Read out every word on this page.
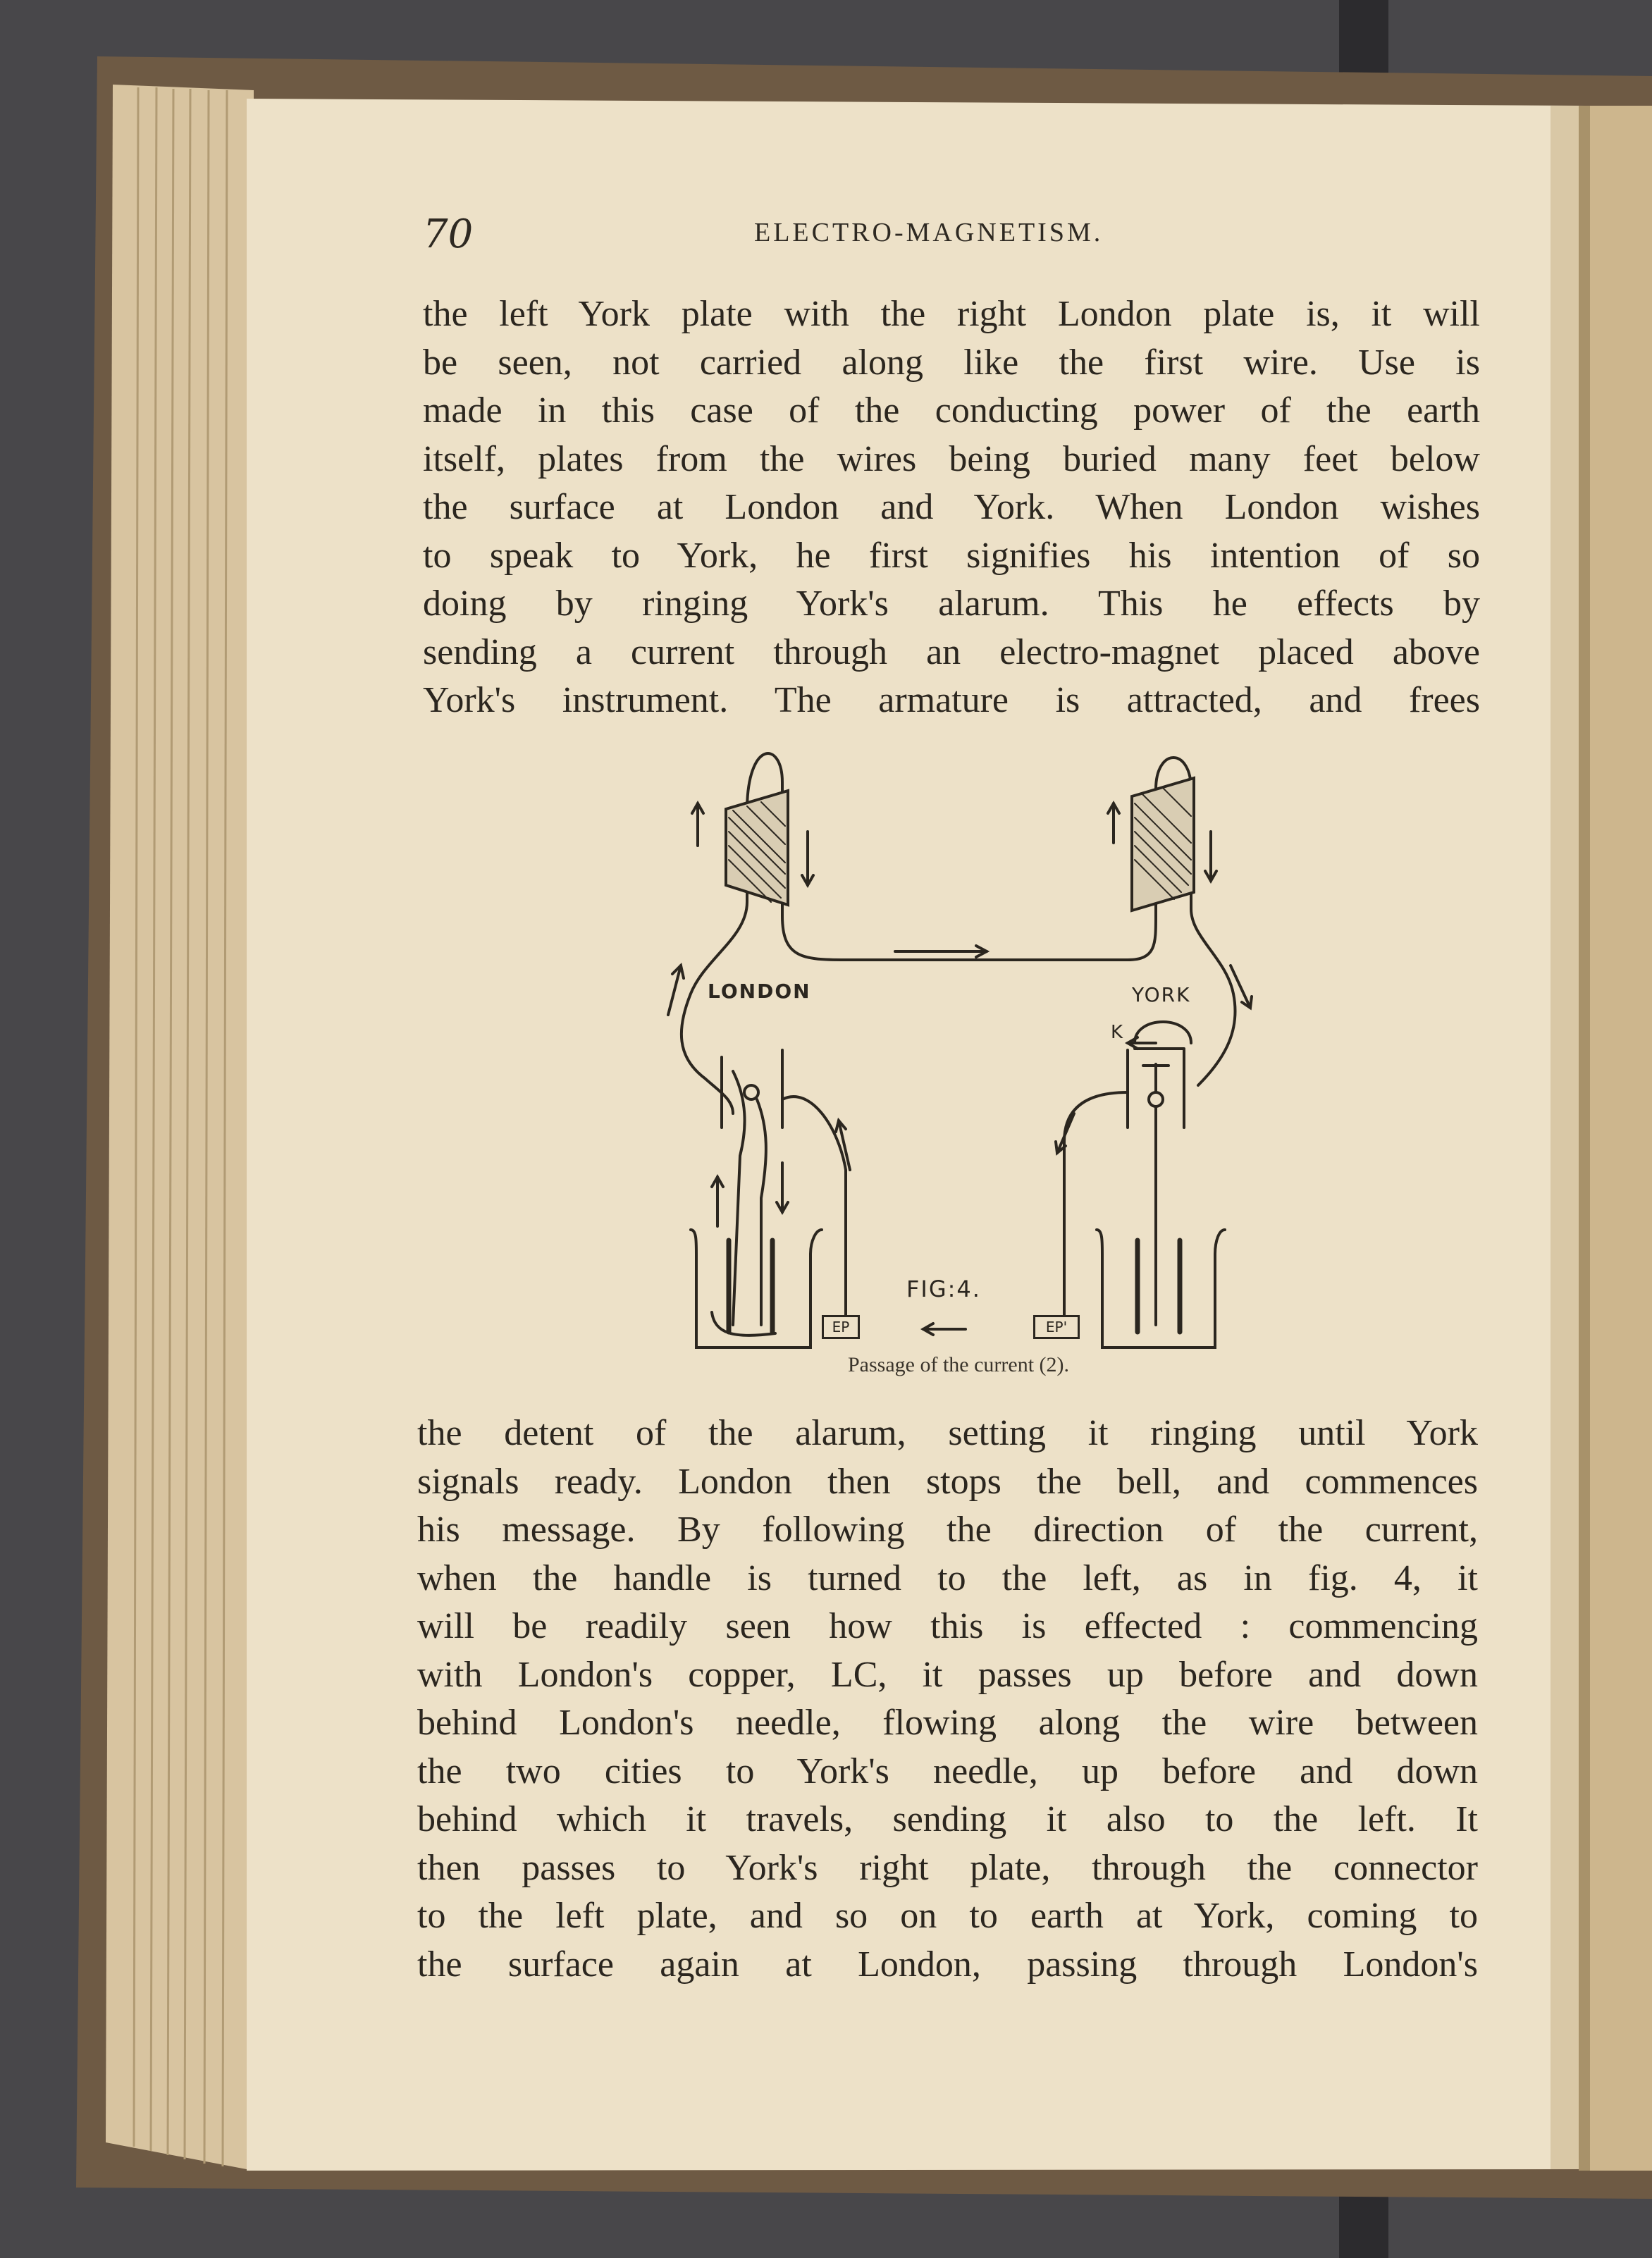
70	ELECTRO-MAGNETISM.
the left York plate with the right London plate is, it will
be seen, not carried along like the first wire. Use is
made in this case of the conducting power of the earth
itself, plates from the wires being buried many feet below
the surface at London and York. When London wishes
to speak to York, he first signifies his intention of so
doing by ringing York's alarum. This he effects by
sending a current through an electro-magnet placed above
York's instrument. The armature is attracted, and frees
LONDON	YORK
K
FIG:4.
EP	EP'
Passage of the current (2).
the detent of the alarum, setting it ringing until York
signals ready. London then stops the bell, and commences
his message. By following the direction of the current,
when the handle is turned to the left, as in fig. 4, it
will be readily seen how this is effected : commencing
with London's copper, LC, it passes up before and down
behind London's needle, flowing along the wire between
the two cities to York's needle, up before and down
behind which it travels, sending it also to the left. It
then passes to York's right plate, through the connector
to the left plate, and so on to earth at York, coming to
the surface again at London, passing through London's
